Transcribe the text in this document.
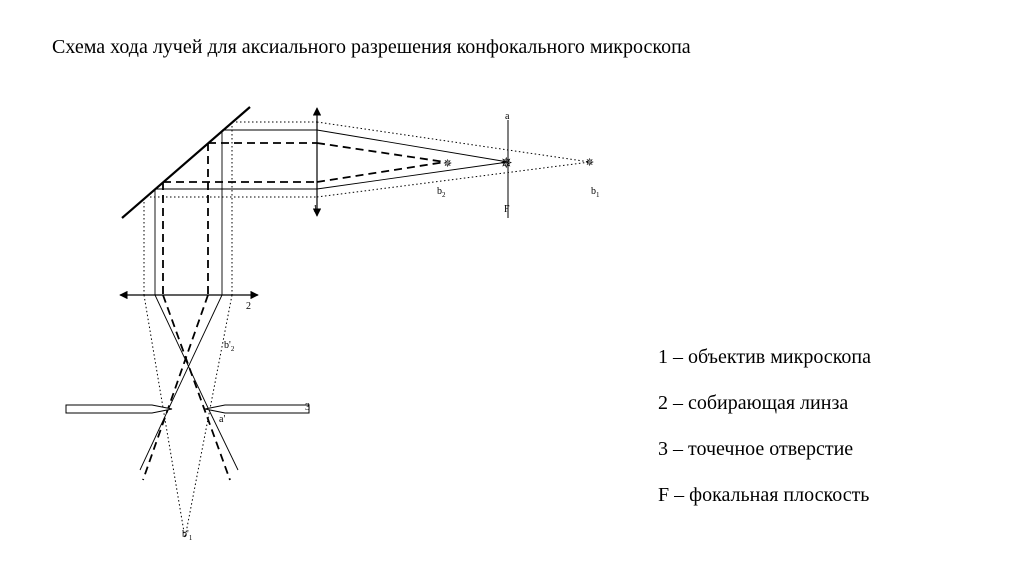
Схема хода лучей для аксиального разрешения конфокального микроскопа
✵	✵	✵
a
F
1
b2	b1
2
b'2
a'
3
b'1
1 – объектив микроскопа
2 – собирающая линза
3 – точечное отверстие
F – фокальная плоскость
